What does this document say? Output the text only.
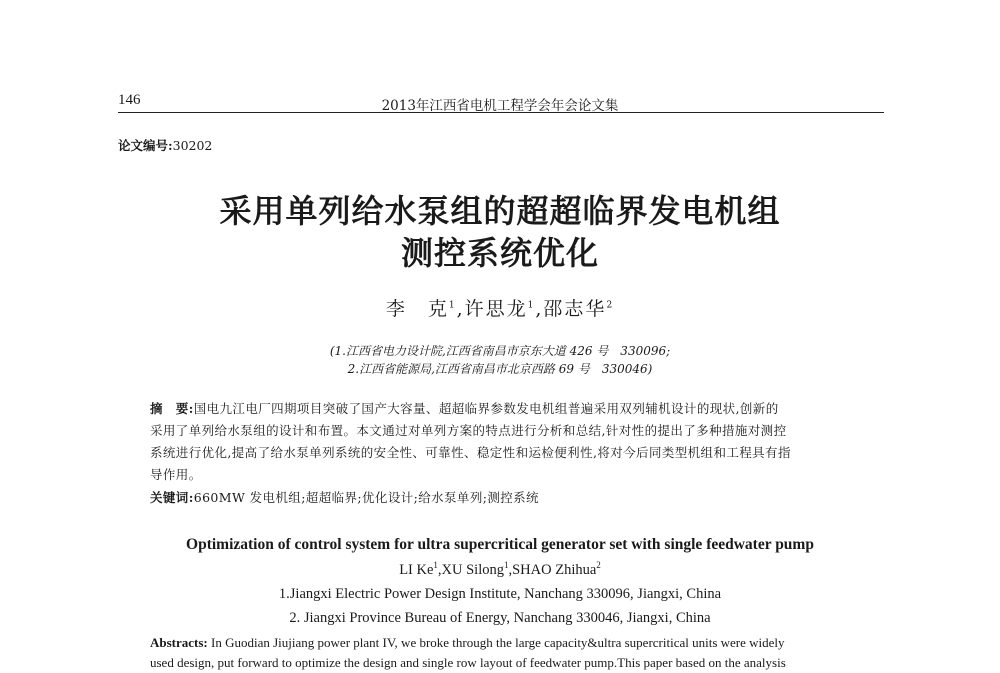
146	2013年江西省电机工程学会年会论文集
论文编号:30202
采用单列给水泵组的超超临界发电机组
测控系统优化
李　克$^1$,许思龙$^1$,邵志华$^2$
(1.江西省电力设计院,江西省南昌市京东大道 426 号　330096;
2.江西省能源局,江西省南昌市北京西路 69 号　330046)
摘　要:国电九江电厂四期项目突破了国产大容量、超超临界参数发电机组普遍采用双列辅机设计的现状,创新的
采用了单列给水泵组的设计和布置。本文通过对单列方案的特点进行分析和总结,针对性的提出了多种措施对测控
系统进行优化,提高了给水泵单列系统的安全性、可靠性、稳定性和运检便利性,将对今后同类型机组和工程具有指
导作用。
关键词:660MW 发电机组;超超临界;优化设计;给水泵单列;测控系统
Optimization of control system for ultra supercritical generator set with single feedwater pump
LI Ke$^1$,XU Silong$^1$,SHAO Zhihua$^2$
1.Jiangxi Electric Power Design Institute, Nanchang 330096, Jiangxi, China
2. Jiangxi Province Bureau of Energy, Nanchang 330046, Jiangxi, China
Abstracts: In Guodian Jiujiang power plant IV, we broke through the large capacity&ultra supercritical units were widely
used design, put forward to optimize the design and single row layout of feedwater pump.This paper based on the analysis
